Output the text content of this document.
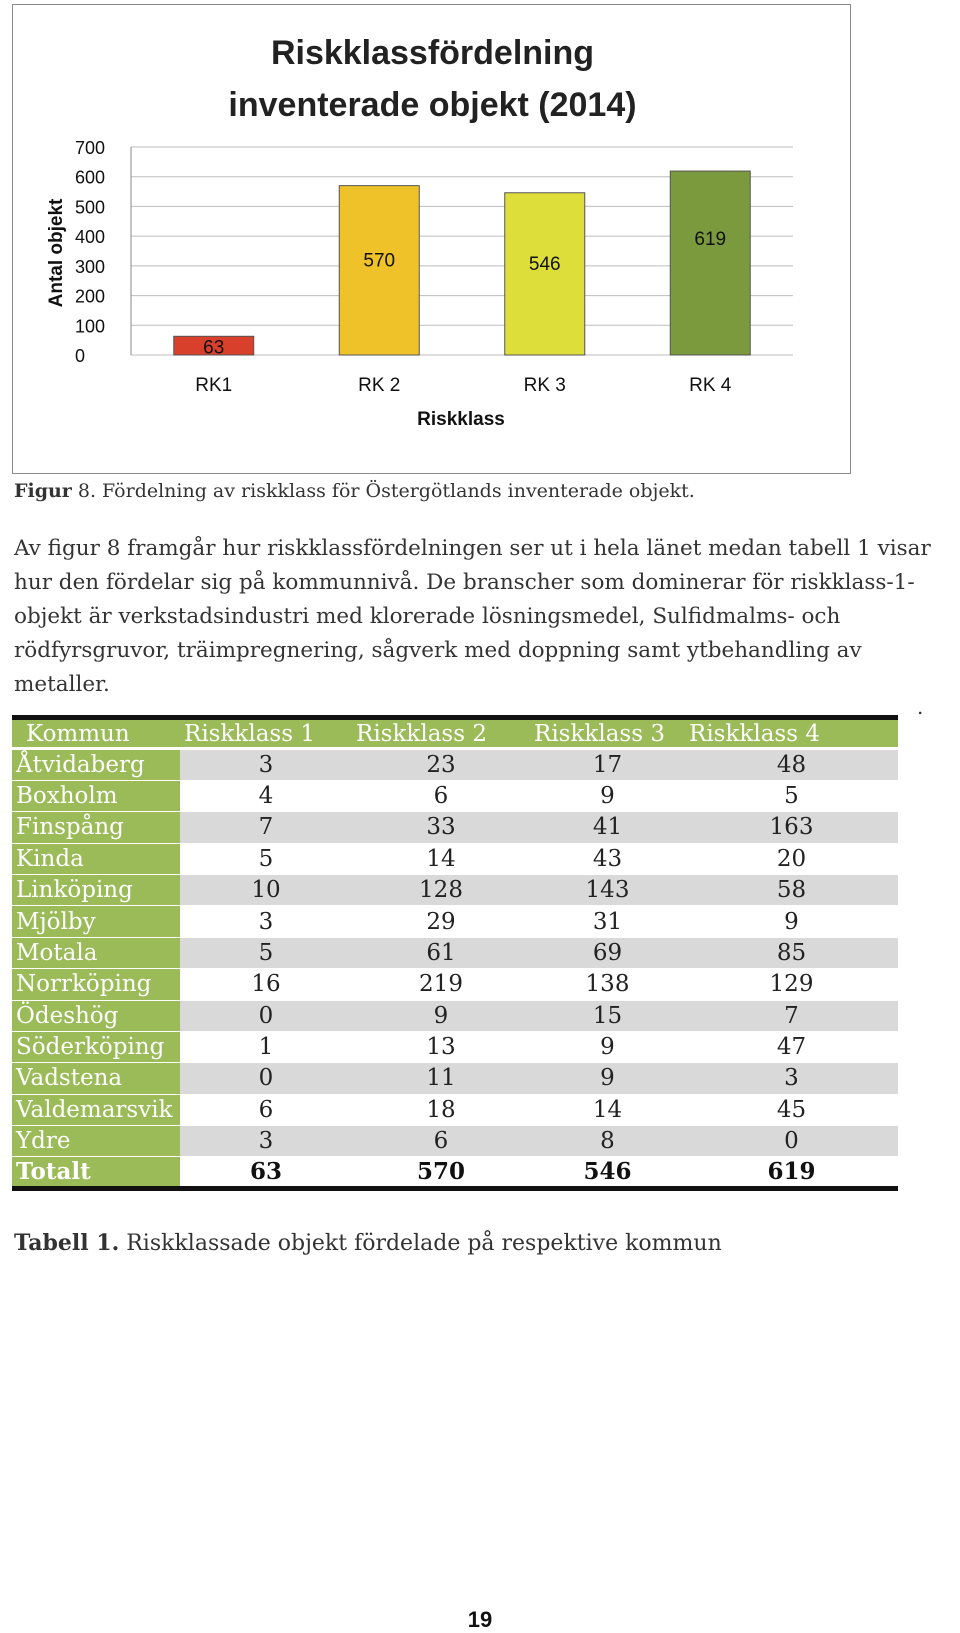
Riskklassfördelning
inventerade objekt (2014)
0
100
200
300
400
500
600
700
Antal objekt
63
RK1
570
RK 2
546
RK 3
619
RK 4
Riskklass
Figur 8. Fördelning av riskklass för Östergötlands inventerade objekt.
Av figur 8 framgår hur riskklassfördelningen ser ut i hela länet medan tabell 1 visar hur den fördelar sig på kommunnivå. De branscher som dominerar för riskklass-1-objekt är verkstadsindustri med klorerade lösningsmedel, Sulfidmalms- och rödfyrsgruvor, träimpregnering, sågverk med doppning samt ytbehandling av metaller.
.
Kommun	Riskklass 1	Riskklass 2	Riskklass 3	Riskklass 4
Åtvidaberg	3	23	17	48
Boxholm	4	6	9	5
Finspång	7	33	41	163
Kinda	5	14	43	20
Linköping	10	128	143	58
Mjölby	3	29	31	9
Motala	5	61	69	85
Norrköping	16	219	138	129
Ödeshög	0	9	15	7
Söderköping	1	13	9	47
Vadstena	0	11	9	3
Valdemarsvik	6	18	14	45
Ydre	3	6	8	0
Totalt	63	570	546	619
Tabell 1. Riskklassade objekt fördelade på respektive kommun
19
